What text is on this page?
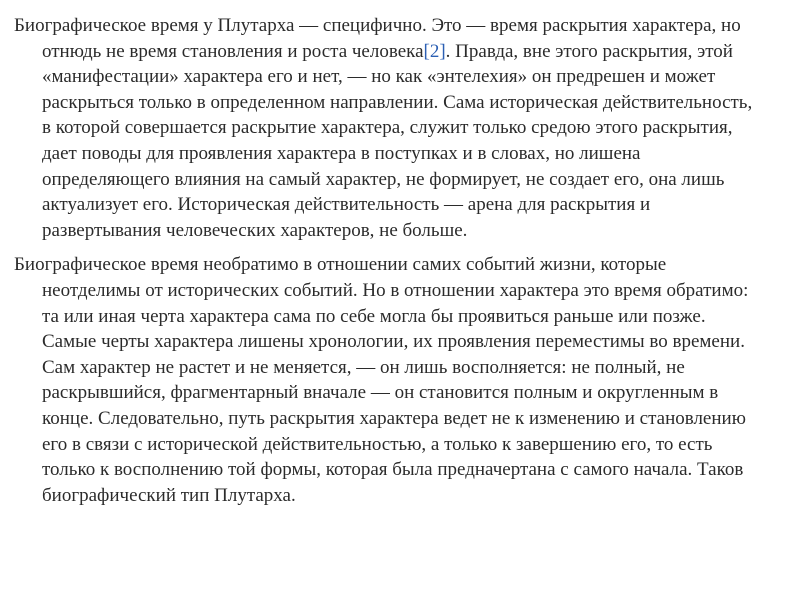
Биографическое время у Плутарха — специфично. Это — время раскрытия характера, но отнюдь не время становления и роста человека[2]. Правда, вне этого раскрытия, этой «манифестации» характера его и нет, — но как «энтелехия» он предрешен и может раскрыться только в определенном направлении. Сама историческая действительность, в которой совершается раскрытие характера, служит только средою этого раскрытия, дает поводы для проявления характера в поступках и в словах, но лишена определяющего влияния на самый характер, не формирует, не создает его, она лишь актуализует его. Историческая действительность — арена для раскрытия и развертывания человеческих характеров, не больше.

Биографическое время необратимо в отношении самих событий жизни, которые неотделимы от исторических событий. Но в отношении характера это время обратимо: та или иная черта характера сама по себе могла бы проявиться раньше или позже. Самые черты характера лишены хронологии, их проявления переместимы во времени. Сам характер не растет и не меняется, — он лишь восполняется: не полный, не раскрывшийся, фрагментарный вначале — он становится полным и округленным в конце. Следовательно, путь раскрытия характера ведет не к изменению и становлению его в связи с исторической действительностью, а только к завершению его, то есть только к восполнению той формы, которая была предначертана с самого начала. Таков биографический тип Плутарха.
